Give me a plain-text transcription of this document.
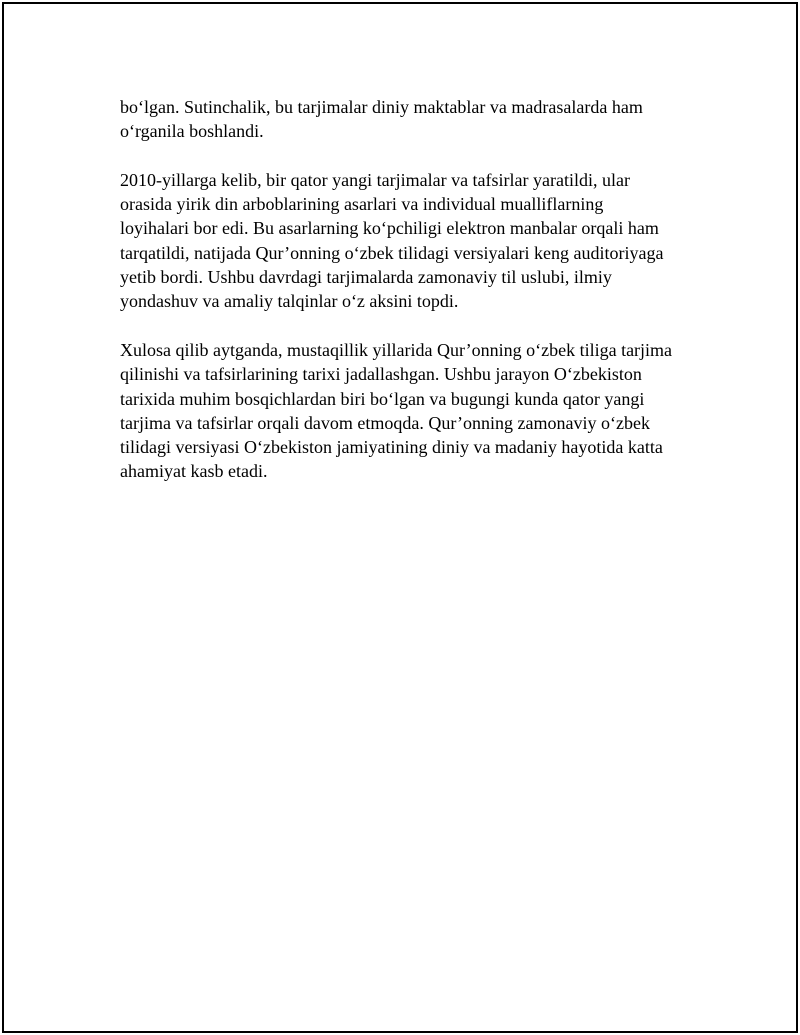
bo‘lgan. Sutinchalik, bu tarjimalar diniy maktablar va madrasalarda ham
o‘rganila boshlandi.

2010-yillarga kelib, bir qator yangi tarjimalar va tafsirlar yaratildi, ular
orasida yirik din arboblarining asarlari va individual mualliflarning
loyihalari bor edi. Bu asarlarning ko‘pchiligi elektron manbalar orqali ham
tarqatildi, natijada Qur’onning o‘zbek tilidagi versiyalari keng auditoriyaga
yetib bordi. Ushbu davrdagi tarjimalarda zamonaviy til uslubi, ilmiy
yondashuv va amaliy talqinlar o‘z aksini topdi.

Xulosa qilib aytganda, mustaqillik yillarida Qur’onning o‘zbek tiliga tarjima
qilinishi va tafsirlarining tarixi jadallashgan. Ushbu jarayon O‘zbekiston
tarixida muhim bosqichlardan biri bo‘lgan va bugungi kunda qator yangi
tarjima va tafsirlar orqali davom etmoqda. Qur’onning zamonaviy o‘zbek
tilidagi versiyasi O‘zbekiston jamiyatining diniy va madaniy hayotida katta
ahamiyat kasb etadi.
